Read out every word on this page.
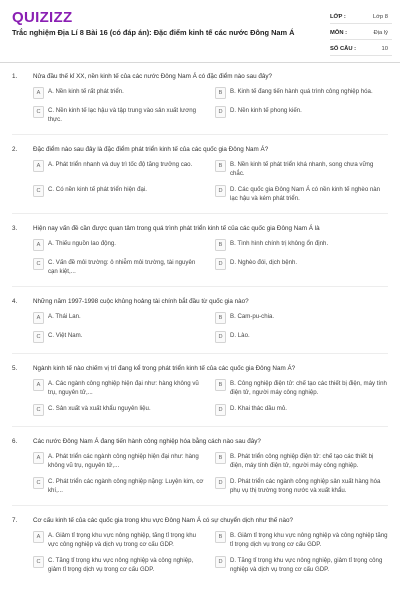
QUIZIZZ
Trắc nghiệm Địa Lí 8 Bài 16 (có đáp án): Đặc điểm kinh tế các nước Đông Nam Á
LỚP :	Lớp 8
MÔN :	Địa lý
SỐ CÂU :	10
1.	Nửa đầu thế kỉ XX, nền kinh tế của các nước Đông Nam Á có đặc điểm nào sau đây?
A	A. Nền kinh tế rất phát triển.	B	B. Kinh tế đang tiến hành quá trình công nghiệp hóa.
C	C. Nền kinh tế lạc hậu và tập trung vào sản xuất lương thực.
D	D. Nền kinh tế phong kiến.
2.	Đặc điểm nào sau đây là đặc điểm phát triển kinh tế của các quốc gia Đông Nam Á?
A	A. Phát triển nhanh và duy trì tốc độ tăng trưởng cao.	B	B. Nền kinh tế phát triển khá nhanh, song chưa vững chắc.
C	C. Có nền kinh tế phát triển hiện đại.	D	D. Các quốc gia Đông Nam Á có nền kinh tế nghèo nàn lạc hậu và kém phát triển.
3.	Hiện nay vấn đề cần được quan tâm trong quá trình phát triển kinh tế của các quốc gia Đông Nam Á là
A	A. Thiếu nguồn lao động.	B	B. Tình hình chính trị không ổn định.
C	C. Vấn đề môi trường: ô nhiễm môi trường, tài nguyên cạn kiệt,...
D	D. Nghèo đói, dịch bệnh.
4.	Những năm 1997-1998 cuộc khủng hoảng tài chính bắt đầu từ quốc gia nào?
A	A. Thái Lan.	B	B. Cam-pu-chia.
C	C. Việt Nam.	D	D. Lào.
5.	Ngành kinh tế nào chiếm vị trí đang kể trong phát triển kinh tế của các quốc gia Đông Nam Á?
A	A. Các ngành công nghiệp hiện đại như: hàng không vũ trụ, nguyên tử,...
B	B. Công nghiệp điện tử: chế tạo các thiết bị điện, máy tính điện tử, người máy công nghiệp.
C	C. Sản xuất và xuất khẩu nguyên liệu.	D	D. Khai thác dầu mỏ.
6.	Các nước Đông Nam Á đang tiến hành công nghiệp hóa bằng cách nào sau đây?
A	A. Phát triển các ngành công nghiệp hiện đại như: hàng không vũ trụ, nguyên tử,...
B	B. Phát triển công nghiệp điện tử: chế tạo các thiết bị điện, máy tính điện tử, người máy công nghiệp.
C	C. Phát triển các ngành công nghiệp nặng: Luyện kim, cơ khí,...
D	D. Phát triển các ngành công nghiệp sản xuất hàng hóa phụ vụ thị trường trong nước và xuất khẩu.
7.	Cơ cấu kinh tế của các quốc gia trong khu vực Đông Nam Á có sự chuyển dịch như thế nào?
A	A. Giảm tỉ trọng khu vực nông nghiệp, tăng tỉ trọng khu vực công nghiệp và dịch vụ trong cơ cấu GDP.
B	B. Giảm tỉ trọng khu vực nông nghiệp và công nghiệp tăng tỉ trọng dịch vụ trong cơ cấu GDP.
C	C. Tăng tỉ trọng khu vực nông nghiệp và công nghiệp, giảm tỉ trọng dịch vụ trong cơ cấu GDP.
D	D. Tăng tỉ trọng khu vực nông nghiệp, giảm tỉ trọng công nghiệp và dịch vụ trong cơ cấu GDP.
